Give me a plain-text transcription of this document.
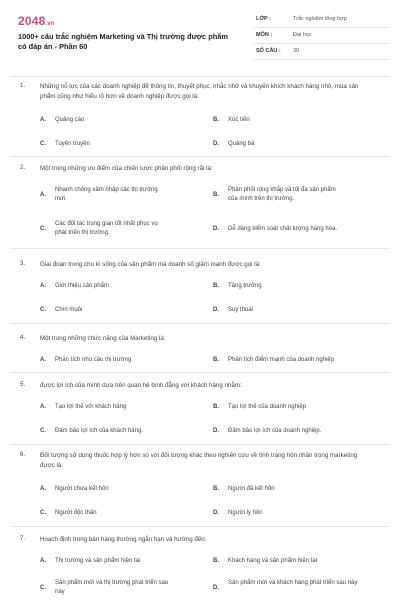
2048.vn
1000+ câu trắc nghiệm Marketing và Thị trường được phẩm có đáp án - Phần 60
LỚP :	Trắc nghiệm tổng hợp
MÔN :	Đại học
SỐ CÂU : 30
1. Những nỗ lực của các doanh nghiệp để thông tin, thuyết phục, nhắc nhở và khuyến khích khách hàng nhỏ, mua sản phẩm cũng như hiểu rõ hơn về doanh nghiệp được gọi là:
A. Quảng cáo	B. Xúc tiến
C. Tuyên truyền	D. Quảng bá
2. Một trong những ưu điểm của chiến lược phân phối rộng rãi là:
A.
Nhanh chóng xâm nhập các thị trường mới.
B.
Phân phối rộng khắp và tối đa sản phẩm của mình trên thị trường.
C.
Các đối tác trung gian tốt nhất phục vụ phát triển thị trường.
D. Dễ dàng kiểm soát chất lượng hàng hóa.
3. Giai đoạn trong chu kì sống của sản phẩm mà doanh số giảm mạnh được gọi là:
A. Giới thiệu sản phẩm	B. Tăng trưởng
C. Chín muồi	D. Suy thoái
4. Một trong những chức năng của Marketing là:
A. Phân tích nhu cầu thị trường	B. Phân tích điểm mạnh của doanh nghiệp
5. được lợi ích của mình dựa trên quan hệ bình đẳng với khách hàng nhằm:
A. Tạo lợi thế với khách hàng	B. Tạo lợi thế của doanh nghiệp
C. Đảm bảo lợi ích của khách hàng.	D. Đảm bảo lợi ích của doanh nghiệp.
6. Đối tượng sử dụng thuốc hợp lý hơn so với đối tượng khác theo nghiên cứu về tình trạng hôn nhân trong marketing được là:
A. Người chưa kết hôn	B. Người đã kết hôn
C. Người độc thân	D. Người ly hôn
7. Hoạch định trong bán hàng thường ngắn hạn và hướng đến:
A. Thị trường và sản phẩm hiện tại	B. Khách hàng và sản phẩm hiện tại
C.
Sản phẩm mới và thị trường phát triển sau này
D.
Sản phẩm mới và khách hàng phát triển sau này
